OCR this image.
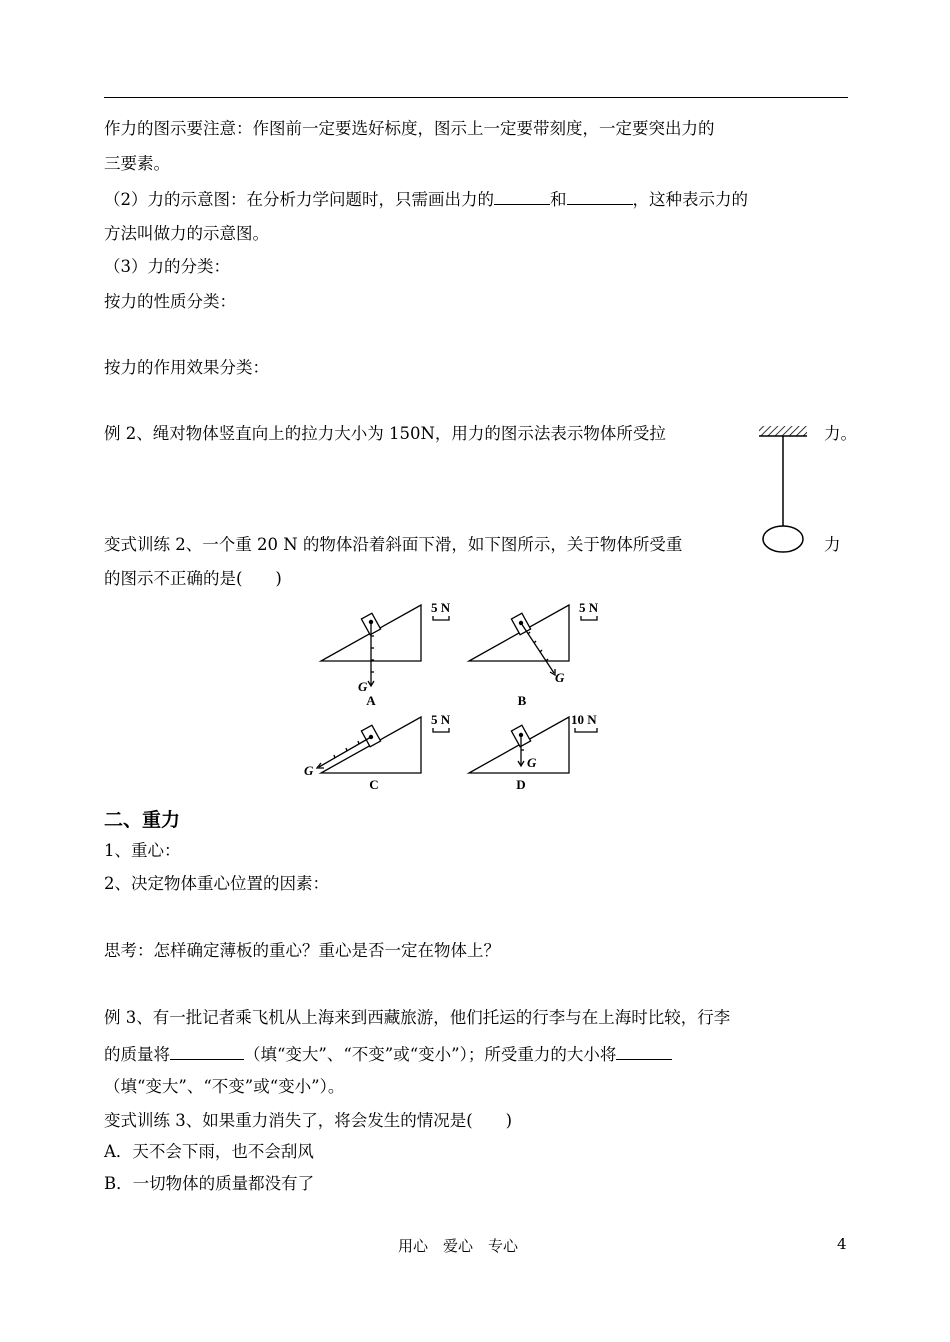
作力的图示要注意：作图前一定要选好标度，图示上一定要带刻度，一定要突出力的
三要素。
（2）力的示意图：在分析力学问题时，只需画出力的	和	，这种表示力的
方法叫做力的示意图。
（3）力的分类：
按力的性质分类：
按力的作用效果分类：
例 2、绳对物体竖直向上的拉力大小为 150N，用力的图示法表示物体所受拉	力。
变式训练 2、一个重 20 N 的物体沿着斜面下滑，如下图所示，关于物体所受重	力
的图示不正确的是(　　)
5 N	5 N
5 N	10 N
G
G
G
G
A	B
C	D
二、重力
1、重心：
2、决定物体重心位置的因素：
思考：怎样确定薄板的重心？重心是否一定在物体上？
例 3、有一批记者乘飞机从上海来到西藏旅游，他们托运的行李与在上海时比较，行李
的质量将	（填“变大”、“不变”或“变小”）；所受重力的大小将
（填“变大”、“不变”或“变小”）。
变式训练 3、如果重力消失了，将会发生的情况是(　　)
A．天不会下雨，也不会刮风
B．一切物体的质量都没有了
用心　爱心　专心	4
